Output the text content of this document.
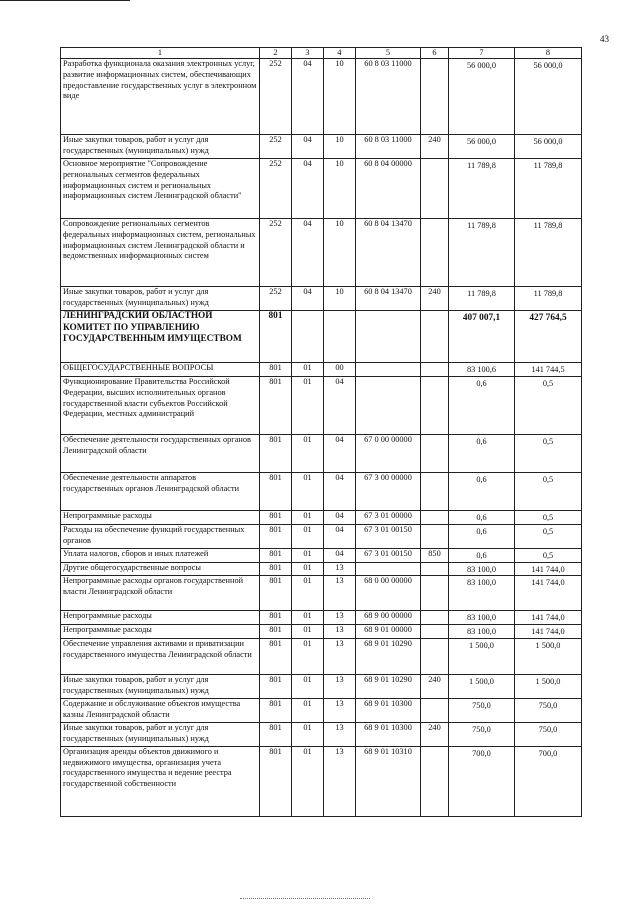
43
1	2	3	4	5	6	7	8
Разработка функционала оказания электронных услуг, развитие информационных систем, обеспечивающих предоставление государственных услуг в электронном виде	252	04	10	60 8 03 11000		56 000,0	56 000,0
Иные закупки товаров, работ и услуг для государственных (муниципальных) нужд	252	04	10	60 8 03 11000	240	56 000,0	56 000,0
Основное мероприятие "Сопровождение региональных сегментов федеральных информационных систем и региональных информационных систем Ленинградской области"	252	04	10	60 8 04 00000		11 789,8	11 789,8
Сопровождение региональных сегментов федеральных информационных систем, региональных информационных систем Ленинградской области и ведомственных информационных систем	252	04	10	60 8 04 13470		11 789,8	11 789,8
Иные закупки товаров, работ и услуг для государственных (муниципальных) нужд	252	04	10	60 8 04 13470	240	11 789,8	11 789,8
ЛЕНИНГРАДСКИЙ ОБЛАСТНОЙ КОМИТЕТ ПО УПРАВЛЕНИЮ ГОСУДАРСТВЕННЫМ ИМУЩЕСТВОМ	801					407 007,1	427 764,5
ОБЩЕГОСУДАРСТВЕННЫЕ ВОПРОСЫ	801	01	00			83 100,6	141 744,5
Функционирование Правительства Российской Федерации, высших исполнительных органов государственной власти субъектов Российской Федерации, местных администраций	801	01	04			0,6	0,5
Обеспечение деятельности государственных органов Ленинградской области	801	01	04	67 0 00 00000		0,6	0,5
Обеспечение деятельности аппаратов государственных органов Ленинградской области	801	01	04	67 3 00 00000		0,6	0,5
Непрограммные расходы	801	01	04	67 3 01 00000		0,6	0,5
Расходы на обеспечение функций государственных органов	801	01	04	67 3 01 00150		0,6	0,5
Уплата налогов, сборов и иных платежей	801	01	04	67 3 01 00150	850	0,6	0,5
Другие общегосударственные вопросы	801	01	13			83 100,0	141 744,0
Непрограммные расходы органов государственной власти Ленинградской области	801	01	13	68 0 00 00000		83 100,0	141 744,0
Непрограммные расходы	801	01	13	68 9 00 00000		83 100,0	141 744,0
Непрограммные расходы	801	01	13	68 9 01 00000		83 100,0	141 744,0
Обеспечение управления активами и приватизации государственного имущества Ленинградской области	801	01	13	68 9 01 10290		1 500,0	1 500,0
Иные закупки товаров, работ и услуг для государственных (муниципальных) нужд	801	01	13	68 9 01 10290	240	1 500,0	1 500,0
Содержание и обслуживание объектов имущества казны Ленинградской области	801	01	13	68 9 01 10300		750,0	750,0
Иные закупки товаров, работ и услуг для государственных (муниципальных) нужд	801	01	13	68 9 01 10300	240	750,0	750,0
Организация аренды объектов движимого и недвижимого имущества, организация учета государственного имущества и ведение реестра государственной собственности	801	01	13	68 9 01 10310		700,0	700,0
